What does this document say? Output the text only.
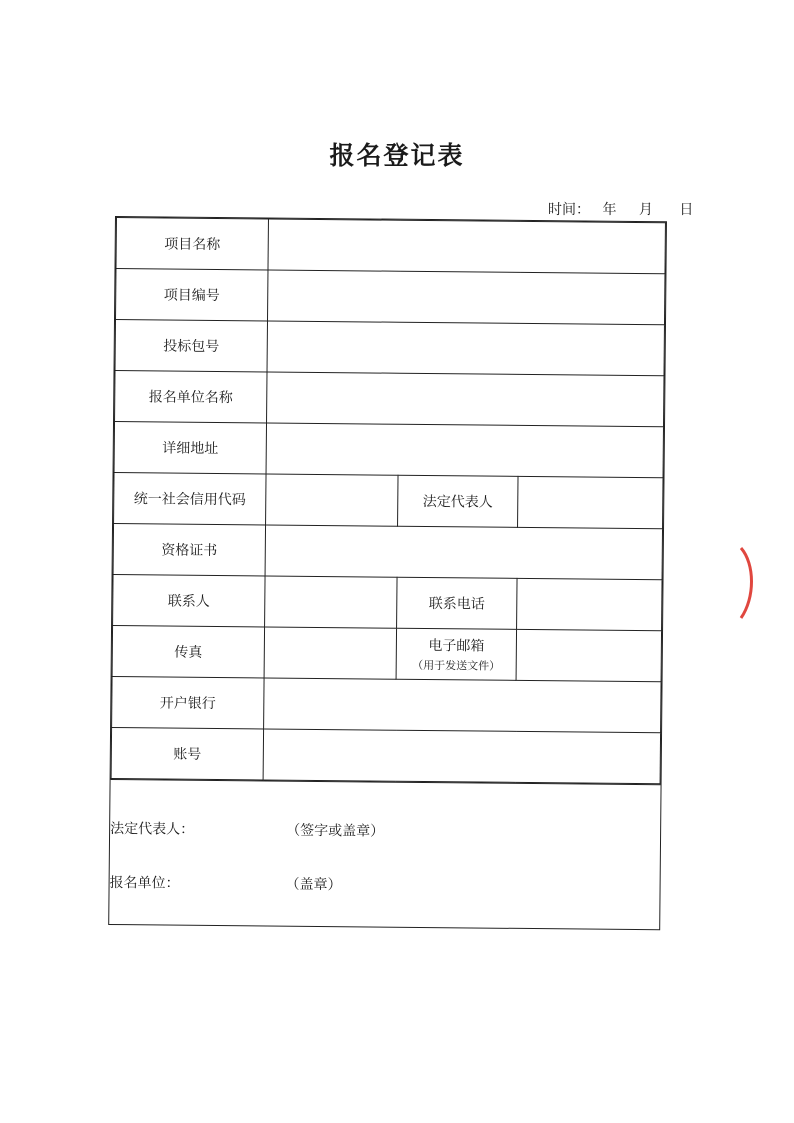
报名登记表
时间： 年 月 日
项目名称			
项目编号			
投标包号			
报名单位名称			
详细地址			
统一社会信用代码		法定代表人	
资格证书			
联系人		联系电话	
传真		电子邮箱
（用于发送文件）	

开户银行			
账号			
法定代表人：	（签字或盖章）
报名单位：	（盖章）
